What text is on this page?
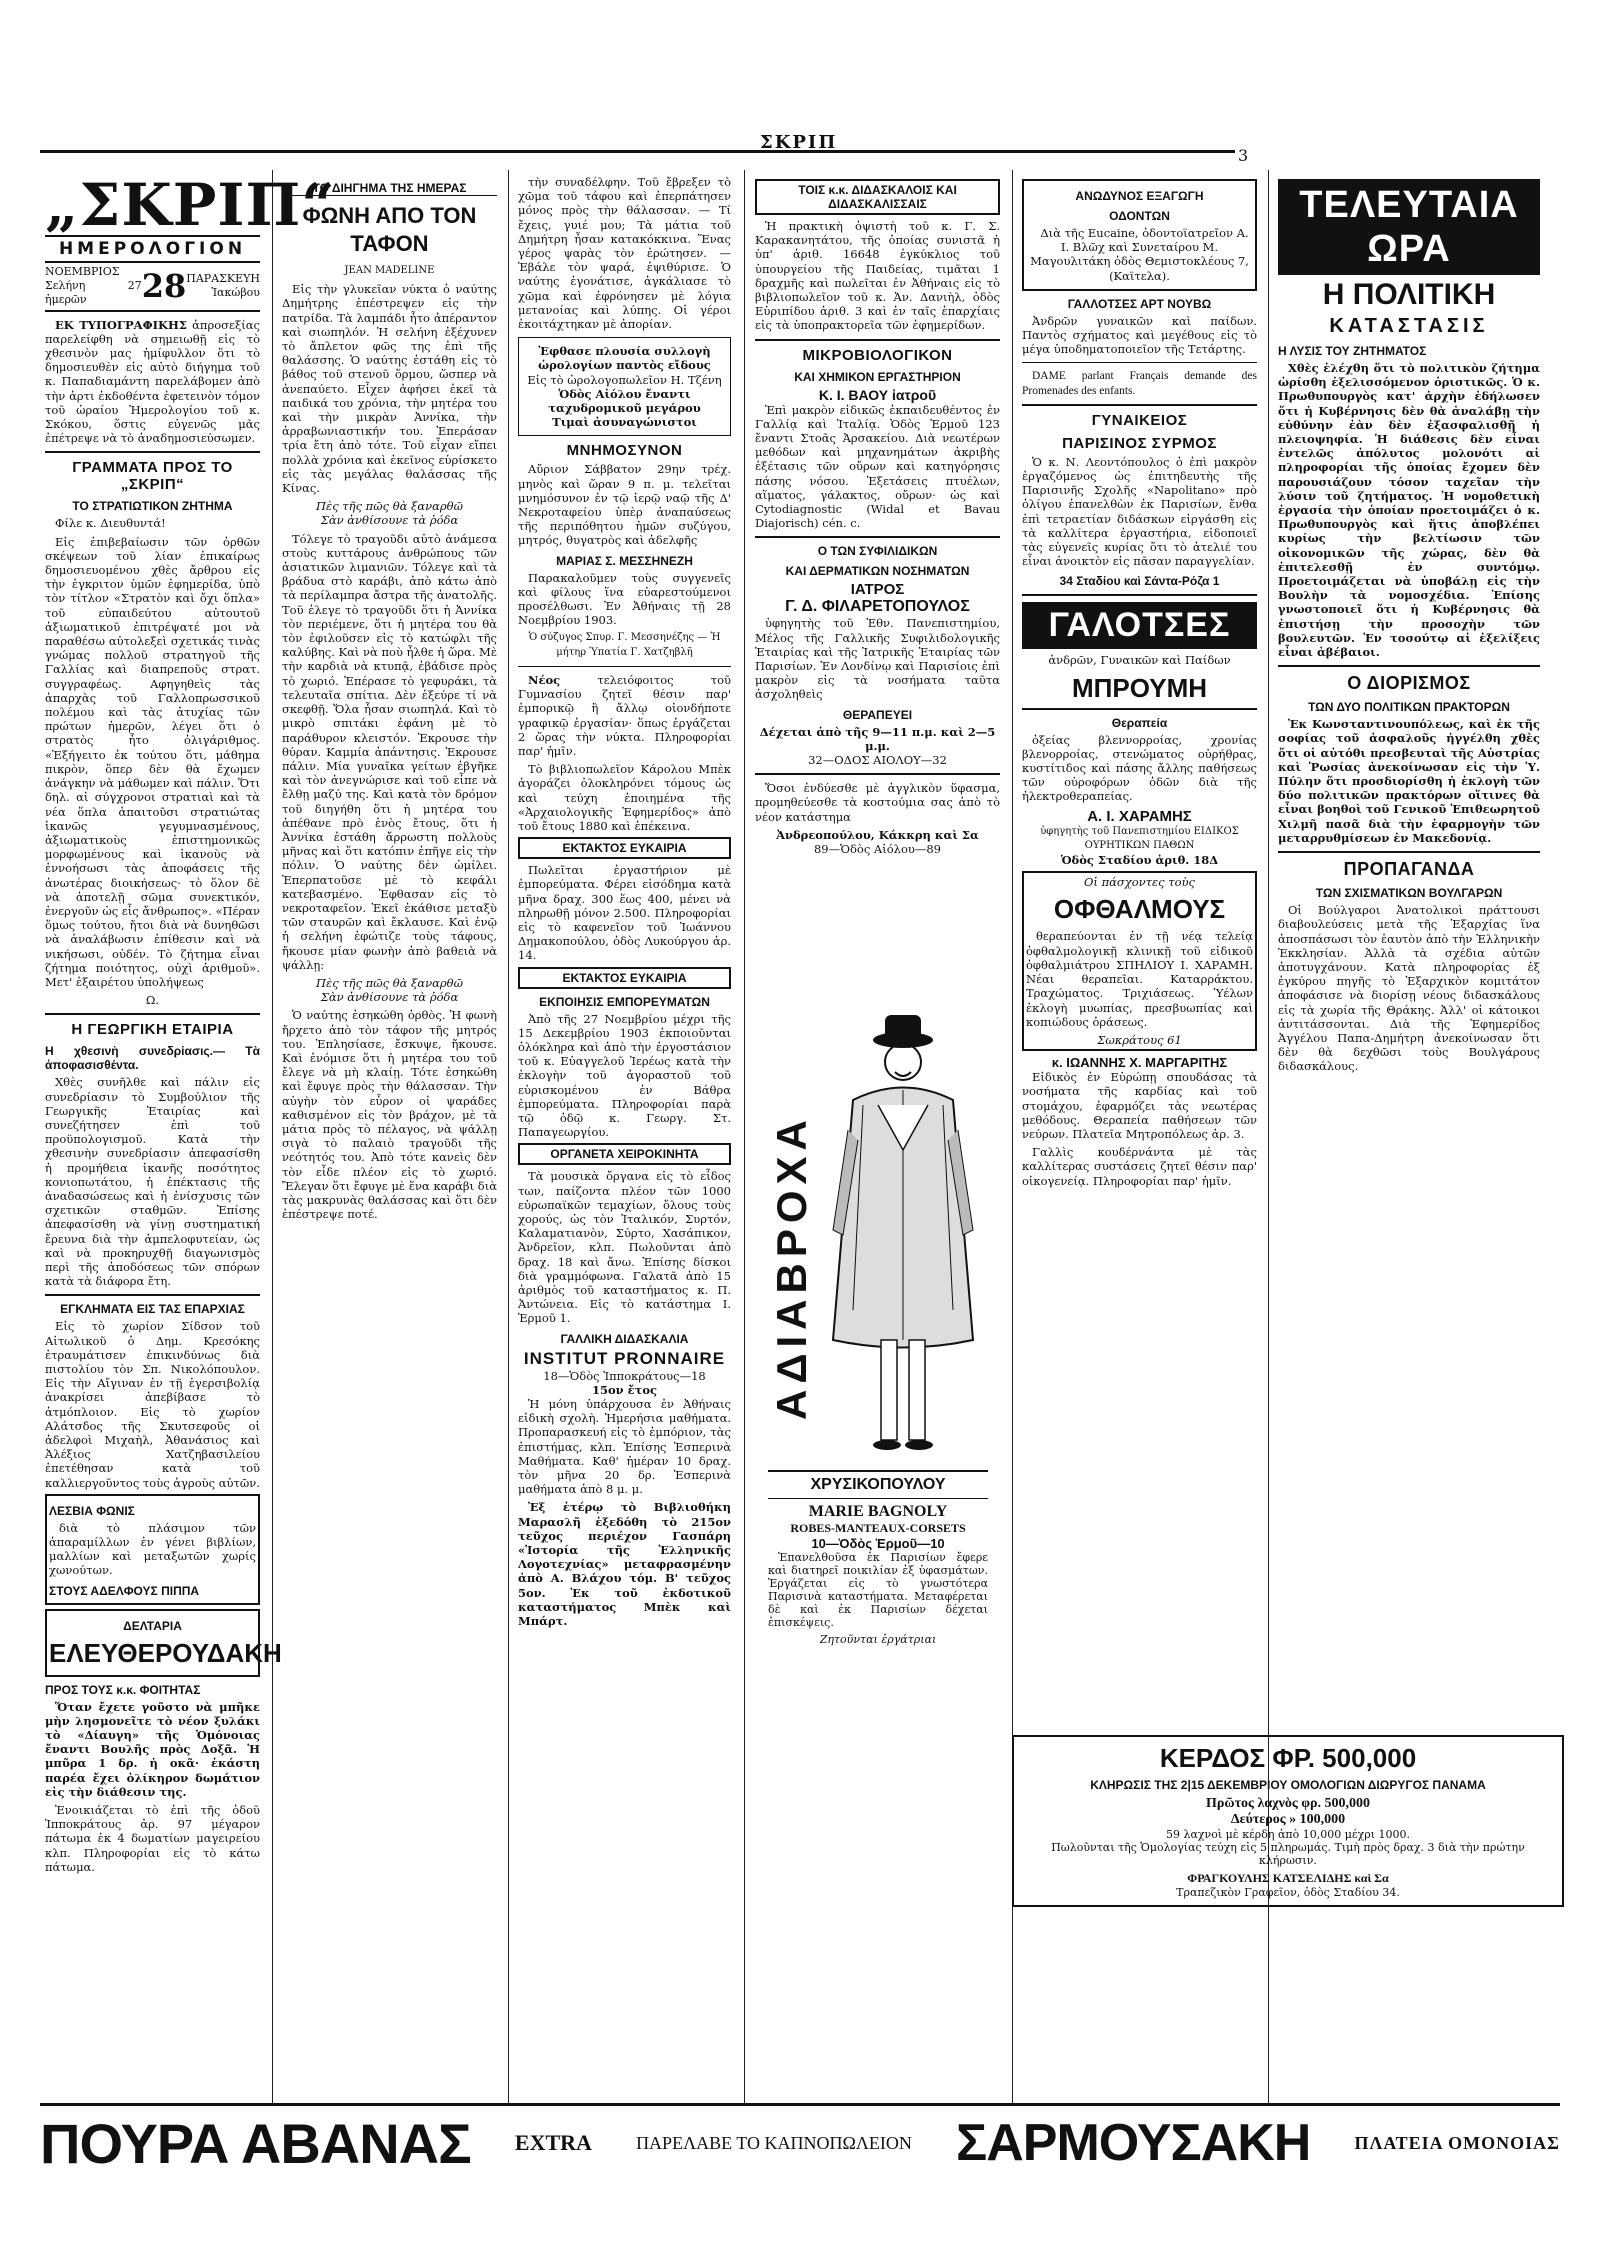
ΣΚΡΙΠ
3
„ΣΚΡΙΠ“
ΗΜΕΡΟΛΟΓΙΟΝ
ΝΟΕΜΒΡΙΟΣ
Σελήνη 27 ἡμερῶν	28 ΠΑΡΑΣΚΕΥΗ
Ἰακώβου

ΕΚ ΤΥΠΟΓΡΑΦΙΚΗΣ ἀπροσεξίας παρελείφθη νὰ σημειωθῇ εἰς τὸ χθεσινὸν μας ἡμίφυλλον ὅτι τὸ δημοσιευθὲν εἰς αὐτὸ διήγημα τοῦ κ. Παπαδιαμάντη παρελάβομεν ἀπὸ τὴν ἀρτι ἐκδοθέντα ἐφετεινὸν τόμον τοῦ ὡραίου Ἡμερολογίου τοῦ κ. Σκόκου, ὅστις εὐγενῶς μᾶς ἐπέτρεψε νὰ τὸ ἀναδημοσιεύσωμεν.

ΓΡΑΜΜΑΤΑ ΠΡΟΣ ΤΟ „ΣΚΡΙΠ“
ΤΟ ΣΤΡΑΤΙΩΤΙΚΟΝ ΖΗΤΗΜΑ

Φίλε κ. Διευθυντά!

Εἰς ἐπιβεβαίωσιν τῶν ὀρθῶν σκέψεων τοῦ λίαν ἐπικαίρως δημοσιευομένου χθὲς ἄρθρου εἰς τὴν ἐγκριτον ὑμῶν ἐφημερίδα, ὑπὸ τὸν τίτλον «Στρατὸν καὶ ὄχι ὅπλα» τοῦ εὐπαιδεύτου αὐτουτοῦ ἀξιωματικοῦ ἐπιτρέψατέ μοι νὰ παραθέσω αὐτολεξεὶ σχετικάς τινὰς γνώμας πολλοῦ στρατηγοῦ τῆς Γαλλίας καὶ διαπρεποῦς στρατ. συγγραφέως. Αφηγηθεὶς τὰς ἀπαρχὰς τοῦ Γαλλοπρωσσικοῦ πολέμου καὶ τὰς ἀτυχίας τῶν πρώτων ἡμερῶν, λέγει ὅτι ὁ στρατὸς ἦτο ὀλιγάριθμος. «Ἐξήγειτο ἐκ τούτου ὅτι, μάθημα πικρὸν, ὅπερ δὲν θὰ ἔχωμεν ἀνάγκην νὰ μάθωμεν καὶ πάλιν. Ὅτι δηλ. αἱ σύγχρονοι στρατιαὶ καὶ τὰ νέα ὅπλα ἀπαιτοῦσι στρατιώτας ἱκανῶς γεγυμνασμένους, ἀξιωματικοὺς ἐπιστημονικῶς μορφωμένους καὶ ἱκανοὺς νὰ ἐννοήσωσι τὰς ἀποφάσεις τῆς ἀνωτέρας διοικήσεως· τὸ ὅλον δὲ νὰ ἀποτελῇ σῶμα συνεκτικόν, ἐνεργοῦν ὡς εἷς ἄνθρωπος». «Πέραν ὅμως τούτου, ἤτοι διὰ νὰ δυνηθῶσι νὰ ἀναλάβωσιν ἐπίθεσιν καὶ νὰ νικήσωσι, οὐδέν. Τὸ ζήτημα εἶναι ζήτημα ποιότητος, οὐχὶ ἀριθμοῦ». Μετ' ἐξαιρέτου ὑπολήψεως

Ω.
Η ΓΕΩΡΓΙΚΗ ΕΤΑΙΡΙΑ
Η χθεσινὴ συνεδρίασις.— Τὰ ἀποφασισθέντα.

Χθὲς συνῆλθε καὶ πάλιν εἰς συνεδρίασιν τὸ Συμβούλιον τῆς Γεωργικῆς Ἑταιρίας καὶ συνεζήτησεν ἐπὶ τοῦ προϋπολογισμοῦ. Κατὰ τὴν χθεσινὴν συνεδρίασιν ἀπεφασίσθη ἡ προμήθεια ἱκανῆς ποσότητος κονιοπωτάτου, ἡ ἐπέκτασις τῆς ἀναδασώσεως καὶ ἡ ἐνίσχυσις τῶν σχετικῶν σταθμῶν. Ἐπίσης ἀπεφασίσθη νὰ γίνῃ συστηματική ἔρευνα διὰ τὴν ἀμπελοφυτείαν, ὡς καὶ νὰ προκηρυχθῇ διαγωνισμὸς περὶ τῆς ἀποδόσεως τῶν σπόρων κατὰ τὰ διάφορα ἔτη.

ΕΓΚΛΗΜΑΤΑ ΕΙΣ ΤΑΣ ΕΠΑΡΧΙΑΣ

Εἰς τὸ χωρίον Σίδσον τοῦ Αἰτωλικοῦ ὁ Δημ. Κρεσόκης ἐτραυμάτισεν ἐπικινδύνως διὰ πιστολίου τὸν Σπ. Νικολόπουλον. Εἰς τὴν Αἴγιναν ἐν τῇ ἐγερσιβολίᾳ ἀνακρίσει ἀπεβίβασε τὸ ἀτμόπλοιον. Εἰς τὸ χωρίον Αλάτσδος τῆς Σκυτσεφοῦς οἱ ἀδελφοὶ Μιχαὴλ, Ἀθανάσιος καὶ Ἀλέξιος Χατζηβασιλείου ἐπετέθησαν κατὰ τοῦ καλλιεργοῦντος τοὺς ἀγροὺς αὐτῶν.

ΛΕΣΒΙΑ ΦΩΝΙΣ

διὰ τὸ πλάσιμον τῶν ἀπαραμίλλων ἐν γένει βιβλίων, μαλλίων καὶ μεταξωτῶν χωρίς χωνούτων.

ΣΤΟΥΣ ΑΔΕΛΦΟΥΣ ΠΙΠΠΑ
ΔΕΛΤΑΡΙΑ
ΕΛΕΥΘΕΡΟΥΔΑΚΗ
ΠΡΟΣ ΤΟΥΣ κ.κ. ΦΟΙΤΗΤΑΣ

Ὅταν ἔχετε γοῦστο νὰ μπῆκε μὴν λησμονεῖτε τὸ νέον ξυλάκι τὸ «Δίαυγη» τῆς Ὁμόνοιας ἔναντι Βουλῆς πρὸς Δοξᾶ. Ἡ μπῦρα 1 δρ. ἡ οκᾶ· ἑκάστη παρέα ἔχει ὀλίκηρον δωμάτιον εἰς τὴν διάθεσιν της.

Ἐνοικιάζεται τὸ ἐπὶ τῆς ὁδοῦ Ἱπποκράτους ἀρ. 97 μέγαρον πάτωμα ἐκ 4 δωματίων μαγειρείου κλπ. Πληροφορίαι εἰς τὸ κάτω πάτωμα.

ΤΟ ΔΙΗΓΗΜΑ ΤΗΣ ΗΜΕΡΑΣ
ΦΩΝΗ ΑΠΟ ΤΟΝ ΤΑΦΟΝ
JEAN MADELINE

Εἰς τὴν γλυκεῖαν νύκτα ὁ ναύτης Δημήτρης ἐπέστρεψεν εἰς τὴν πατρίδα. Τὰ λαμπάδι ἦτο ἀπέραντον καὶ σιωπηλόν. Ἡ σελήνη ἐξέχυνεν τὸ ἄπλετον φῶς της ἐπὶ τῆς θαλάσσης. Ὁ ναύτης ἐστάθη εἰς τὸ βάθος τοῦ στενοῦ ὅρμου, ὥσπερ νὰ ἀνεπαύετο. Εἶχεν ἀφήσει ἐκεῖ τὰ παιδικά του χρόνια, τὴν μητέρα του καὶ τὴν μικρὰν Ἀννίκα, τὴν ἀρραβωνιαστικήν του. Ἐπεράσαν τρία ἔτη ἀπὸ τότε. Τοῦ εἶχαν εἴπει πολλὰ χρόνια καὶ ἐκεῖνος εὑρίσκετο εἰς τὰς μεγάλας θαλάσσας τῆς Κίνας.

Πὲς τῆς πῶς θὰ ξαναρθῶ
Σὰν ἀνθίσουνε τὰ ῥόδα

Τόλεγε τὸ τραγοῦδι αὐτὸ ἀνάμεσα στοὺς κυττάρους ἀνθρώπους τῶν ἀσιατικῶν λιμανιῶν. Τόλεγε καὶ τὰ βράδυα στὸ καράβι, ἀπὸ κάτω ἀπὸ τὰ περίλαμπρα ἄστρα τῆς ἀνατολῆς. Τοῦ ἐλεγε τὸ τραγοῦδι ὅτι ἡ Ἀννίκα τὸν περιέμενε, ὅτι ἡ μητέρα του θὰ τὸν ἐφιλοῦσεν εἰς τὸ κατώφλι τῆς καλύβης. Καὶ νὰ ποὺ ἦλθε ἡ ὥρα. Μὲ τὴν καρδιὰ νὰ κτυπᾷ, ἐβάδισε πρὸς τὸ χωριό. Ἐπέρασε τὸ γεφυράκι, τὰ τελευταῖα σπίτια. Δὲν ἐξεύρε τί νὰ σκεφθῇ. Ὅλα ἦσαν σιωπηλά. Καὶ τὸ μικρὸ σπιτάκι ἐφάνη μὲ τὸ παράθυρον κλειστόν. Ἐκρουσε τὴν θύραν. Καμμία ἀπάντησις. Ἐκρουσε πάλιν. Μία γυναῖκα γείτων ἐβγῆκε καὶ τὸν ἀνεγνώρισε καὶ τοῦ εἶπε νὰ ἔλθῃ μαζύ της. Καὶ κατὰ τὸν δρόμον τοῦ διηγήθη ὅτι ἡ μητέρα του ἀπέθανε πρὸ ἑνὸς ἔτους, ὅτι ἡ Ἀννίκα ἐστάθη ἄρρωστη πολλοὺς μῆνας καὶ ὅτι κατόπιν ἐπῆγε εἰς τὴν πόλιν. Ὁ ναύτης δὲν ὡμίλει. Ἐπερπατοῦσε μὲ τὸ κεφάλι κατεβασμένο. Ἐφθασαν εἰς τὸ νεκροταφεῖον. Ἐκεῖ ἐκάθισε μεταξὺ τῶν σταυρῶν καὶ ἔκλαυσε. Καὶ ἐνῷ ἡ σελήνη ἐφώτιζε τοὺς τάφους, ἤκουσε μίαν φωνὴν ἀπὸ βαθειὰ νὰ ψάλλῃ:

Πὲς τῆς πῶς θὰ ξαναρθῶ
Σὰν ἀνθίσουνε τὰ ῥόδα

Ὁ ναύτης ἐσηκώθη ὀρθὸς. Ἡ φωνὴ ἤρχετο ἀπὸ τὸν τάφον τῆς μητρός του. Ἐπλησίασε, ἔσκυψε, ἤκουσε. Καὶ ἐνόμισε ὅτι ἡ μητέρα του τοῦ ἔλεγε νὰ μὴ κλαίῃ. Τότε ἐσηκώθη καὶ ἔφυγε πρὸς τὴν θάλασσαν. Τὴν αὐγὴν τὸν εὗρον οἱ ψαράδες καθισμένον εἰς τὸν βράχον, μὲ τὰ μάτια πρὸς τὸ πέλαγος, νὰ ψάλλῃ σιγὰ τὸ παλαιὸ τραγοῦδι τῆς νεότητός του. Ἀπὸ τότε κανεὶς δὲν τὸν εἶδε πλέον εἰς τὸ χωριό. Ἔλεγαν ὅτι ἔφυγε μὲ ἕνα καράβι διὰ τὰς μακρυνὰς θαλάσσας καὶ ὅτι δὲν ἐπέστρεψε ποτέ.

τὴν συναδέλφην. Τοῦ ἔβρεξεν τὸ χῶμα τοῦ τάφου καὶ ἐπερπάτησεν μόνος πρὸς τὴν θάλασσαν. — Τί ἔχεις, γυιέ μου; Τὰ μάτια τοῦ Δημήτρη ἦσαν κατακόκκινα. Ἕνας γέρος ψαρὰς τὸν ἐρώτησεν. — Ἐβάλε τὸν ψαρά, ἐψιθύρισε. Ὁ ναύτης ἐγονάτισε, ἀγκάλιασε τὸ χῶμα καὶ ἐφρόνησεν μὲ λόγια μετανοίας καὶ λύπης. Οἱ γέροι ἐκοιτάχτηκαν μὲ ἀπορίαν.

Ἐφθασε πλουσία συλλογὴ ὡρολογίων παντὸς εἴδους
Εἰς τὸ ὡρολογοπωλεῖον Η. Τζένη
Ὁδὸς Αἰόλου ἔναντι ταχυδρομικοῦ μεγάρου
Τιμαὶ ἀσυναγώνιστοι
ΜΝΗΜΟΣΥΝΟΝ

Αὔριον Σάββατον 29ην τρέχ. μηνὸς καὶ ὥραν 9 π. μ. τελεῖται μνημόσυνον ἐν τῷ ἱερῷ ναῷ τῆς Δ' Νεκροταφείου ὑπὲρ ἀναπαύσεως τῆς περιπόθητου ἡμῶν συζύγου, μητρός, θυγατρὸς καὶ ἀδελφῆς

ΜΑΡΙΑΣ Σ. ΜΕΣΣΗΝΕΖΗ

Παρακαλοῦμεν τοὺς συγγενεῖς καὶ φίλους ἵνα εὐαρεστούμενοι προσέλθωσι. Ἐν Ἀθήναις τῇ 28 Νοεμβρίου 1903.

Ὁ σύζυγος Σπυρ. Γ. Μεσσηνέζης — Ἡ μήτηρ Ὑπατία Γ. Χατζηβλῆ

Νέος	τελειόφοιτος τοῦ Γυμνασίου ζητεῖ θέσιν παρ' ἐμπορικῷ ἢ ἄλλῳ οἰονδήποτε γραφικῷ ἐργασίαν· ὅπως ἐργάζεται 2 ὥρας τὴν νύκτα. Πληροφορίαι παρ' ἡμῖν.

Τὸ βιβλιοπωλεῖον Κάρολου Μπὲκ ἀγοράζει ὁλοκληρόνει τόμους ὡς καὶ τεύχη ἐποιημένα τῆς «Ἀρχαιολογικῆς Ἐφημερίδος» ἀπὸ τοῦ ἔτους 1880 καὶ ἐπέκεινα.

ΕΚΤΑΚΤΟΣ ΕΥΚΑΙΡΙΑ

Πωλεῖται ἐργαστήριον μὲ ἐμπορεύματα. Φέρει εἰσόδημα κατὰ μῆνα δραχ. 300 ἕως 400, μένει νὰ πληρωθῇ μόνον 2.500. Πληροφορίαι εἰς τὸ καφενεῖον τοῦ Ἰωάννου Δημακοπούλου, ὁδὸς Λυκούργου ἀρ. 14.

ΕΚΤΑΚΤΟΣ ΕΥΚΑΙΡΙΑ
ΕΚΠΟΙΗΣΙΣ ΕΜΠΟΡΕΥΜΑΤΩΝ

Ἀπὸ τῆς 27 Νοεμβρίου μέχρι τῆς 15 Δεκεμβρίου 1903 ἐκποιοῦνται ὁλόκληρα καὶ ἀπὸ τὴν ἐργοστάσιον τοῦ κ. Εὐαγγελοῦ Ἰερέως κατὰ τὴν ἐκλογὴν τοῦ ἀγοραστοῦ τοῦ εὑρισκομένου ἐν Βάθρα ἐμπορεύματα. Πληροφορίαι παρὰ τῷ ὁδῷ κ. Γεωργ. Στ. Παπαγεωργίου.

ΟΡΓΑΝΕΤΑ ΧΕΙΡΟΚΙΝΗΤΑ

Τὰ μουσικὰ ὄργανα εἰς τὸ εἶδος των, παίζοντα πλέον τῶν 1000 εὐρωπαϊκῶν τεμαχίων, ὅλους τοὺς χορούς, ὡς τὸν Ἰταλικόν, Συρτόν, Καλαματιανὸν, Σύρτο, Χασάπικον, Ἀνδρεῖον, κλπ. Πωλοῦνται ἀπὸ δραχ. 18 καὶ ἄνω. Ἐπίσης δίσκοι διὰ γραμμόφωνα. Γαλατᾶ ἀπὸ 15 ἀριθμὸς τοῦ καταστήματος κ. Π. Ἀντώνεια. Εἰς τὸ κατάστημα Ι. Ἑρμοῦ 1.

ΓΑΛΛΙΚΗ ΔΙΔΑΣΚΑΛΙΑ
INSTITUT PRONNAIRE
18—Ὁδὸς Ἱπποκράτους—18
15ον ἔτος

Ἡ μόνη ὑπάρχουσα ἐν Ἀθήναις εἰδικὴ σχολὴ. Ἡμερήσια μαθήματα. Προπαρασκευή εἰς τὸ ἐμπόριον, τὰς ἐπιστήμας, κλπ. Ἐπίσης Ἑσπερινὰ Μαθήματα. Καθ' ἡμέραν 10 δραχ. τὸν μῆνα 20 δρ. Ἑσπερινὰ μαθήματα ἀπὸ 8 μ. μ.

Ἐξ ἑτέρῳ τὸ Βιβλιοθήκη Μαρασλῆ ἐξεδόθη τὸ 215ον τεῦχος περιέχον Γασπάρη «Ἱστορία τῆς Ἑλληνικῆς Λογοτεχνίας» μεταφρασμένην ἀπὸ Α. Βλάχου τόμ. Β' τεῦχος 5ον. Ἐκ τοῦ ἐκδοτικοῦ καταστήματος Μπὲκ καὶ Μπάρτ.

ΤΟΙΣ κ.κ. ΔΙΔΑΣΚΑΛΟΙΣ ΚΑΙ ΔΙΔΑΣΚΑΛΙΣΣΑΙΣ

Ἡ πρακτικὴ ὀψιστὴ τοῦ κ. Γ. Σ. Καρακανητάτου, τῆς ὁποίας συνιστᾶ ἡ ὑπ' ἀριθ. 16648 ἐγκύκλιος τοῦ ὑπουργείου τῆς Παιδείας, τιμᾶται 1 δραχμῆς καὶ πωλεῖται ἐν Ἀθήναις εἰς τὸ βιβλιοπωλεῖον τοῦ κ. Ἀν. Δανιὴλ, ὁδὸς Εὐριπίδου ἀριθ. 3 καὶ ἐν ταῖς ἐπαρχίαις εἰς τὰ ὑποπρακτορεῖα τῶν ἐφημερίδων.

ΜΙΚΡΟΒΙΟΛΟΓΙΚΟΝ
ΚΑΙ ΧΗΜΙΚΟΝ ΕΡΓΑΣΤΗΡΙΟΝ
Κ. Ι. ΒΑΟΥ ἰατροῦ

Ἐπὶ μακρὸν εἰδικῶς ἐκπαιδευθέντος ἐν Γαλλίᾳ καὶ Ἰταλίᾳ. Ὁδὸς Ἑρμοῦ 123 ἔναντι Στοᾶς Ἀρσακείου. Διὰ νεωτέρων μεθόδων καὶ μηχανημάτων ἀκριβὴς ἐξέτασις τῶν οὔρων καὶ κατηγόρησις πάσης νόσου. Ἐξετάσεις πτυέλων, αἵματος, γάλακτος, οὔρων· ὡς καὶ Cytodiagnostic (Widal et Bavau Diajorisch) cén. c.

Ο ΤΩΝ ΣΥΦΙΛΙΔΙΚΩΝ
ΚΑΙ ΔΕΡΜΑΤΙΚΩΝ ΝΟΣΗΜΑΤΩΝ
ΙΑΤΡΟΣ
Γ. Δ. ΦΙΛΑΡΕΤΟΠΟΥΛΟΣ

ὑφηγητὴς τοῦ Ἐθν. Πανεπιστημίου, Μέλος τῆς Γαλλικῆς Συφιλιδολογικῆς Ἑταιρίας καὶ τῆς Ἰατρικῆς Ἑταιρίας τῶν Παρισίων. Ἐν Λονδίνῳ καὶ Παρισίοις ἐπὶ μακρὸν εἰς τὰ νοσήματα ταῦτα ἀσχοληθεὶς

ΘΕΡΑΠΕΥΕΙ
Δέχεται ἀπὸ τῆς 9—11 π.μ. καὶ 2—5 μ.μ.
32—ΟΔΟΣ ΑΙΟΛΟΥ—32

Ὅσοι ἐνδύεσθε μὲ ἀγγλικὸν ὕφασμα, προμηθεύεσθε τὰ κοστούμια σας ἀπὸ τὸ νέον κατάστημα

Ἀνδρεοπούλου, Κάκκρη καὶ Σα
89—Ὁδὸς Αἰόλου—89
ΑΔΙΑΒΡΟΧΑ
ΧΡΥΣΙΚΟΠΟΥΛΟΥ
MARIE BAGNOLY
ROBES-MANTEAUX-CORSETS
10—Ὁδὸς Ἑρμοῦ—10

Ἐπανελθοῦσα ἐκ Παρισίων ἔφερε καὶ διατηρεῖ ποικιλίαν ἐξ ὑφασμάτων. Ἐργάζεται εἰς τὸ γνωστότερα Παρισινὰ καταστήματα. Μεταφέρεται δὲ καὶ ἐκ Παρισίων δέχεται ἐπισκέψεις.

Ζητοῦνται ἐργάτριαι
ΑΝΩΔΥΝΟΣ ΕΞΑΓΩΓΗ
ΟΔΟΝΤΩΝ

Διὰ τῆς Eucaine, ὀδοντοϊατρεῖον Α. Ι. Βλῶχ καὶ Συνεταίρου Μ. Μαγουλιτάκη ὁδὸς Θεμιστοκλέους 7, (Καϊτελα).

ΓΑΛΛΟΤΣΕΣ ΑΡΤ ΝΟΥΒΩ

Ἀνδρῶν γυναικῶν καὶ παίδων. Παντὸς σχήματος καὶ μεγέθους εἰς τὸ μέγα ὑποδηματοποιεῖον τῆς Τετάρτης.

DAME parlant Français demande des Promenades des enfants.

ΓΥΝΑΙΚΕΙΟΣ
ΠΑΡΙΣΙΝΟΣ ΣΥΡΜΟΣ

Ὁ κ. Ν. Λεοντόπουλος ὁ ἐπὶ μακρὸν ἐργαζόμενος ὡς ἐπιτηδευτὴς τῆς Παρισινῆς Σχολῆς «Napolitano» πρὸ ὀλίγου ἐπανελθὼν ἐκ Παρισίων, ἔνθα ἐπὶ τετραετίαν διδάσκων εἰργάσθη εἰς τὰ καλλίτερα ἐργαστήρια, εἰδοποιεῖ τὰς εὐγενεῖς κυρίας ὅτι τὸ ἀτελιέ του εἶναι ἀνοικτὸν εἰς πᾶσαν παραγγελίαν.

34 Σταδίου καὶ Σάντα-Ρόζα 1
ΓΑΛΟΤΣΕΣ
ἀνδρῶν, Γυναικῶν καὶ Παίδων
ΜΠΡΟΥΜΗ
Θεραπεία

ὀξείας βλεννορροίας, χρονίας βλενορροίας, στενώματος οὐρήθρας, κυστίτιδος καὶ πάσης ἄλλης παθήσεως τῶν οὐροφόρων ὁδῶν διὰ τῆς ἠλεκτροθεραπείας.

Α. Ι. ΧΑΡΑΜΗΣ
ὑφηγητὴς τοῦ Πανεπιστημίου ΕΙΔΙΚΟΣ ΟΥΡΗΤΙΚΩΝ ΠΑΘΩΝ
Ὁδὸς Σταδίου ἀριθ. 18Δ
Οἱ πάσχοντες τοὺς
ΟΦΘΑΛΜΟΥΣ

θεραπεύονται ἐν τῇ νέᾳ τελείᾳ ὀφθαλμολογικῇ κλινικῇ τοῦ εἰδικοῦ ὀφθαλμιάτρου ΣΠΗΛΙΟΥ Ι. ΧΑΡΑΜΗ. Νέαι θεραπεῖαι. Καταρράκτου. Τραχώματος. Τριχιάσεως. Ὑέλων ἐκλογὴ μυωπίας, πρεσβυωπίας καὶ κοπιώδους ὁράσεως.

Σωκράτους 61
κ. ΙΩΑΝΝΗΣ Χ. ΜΑΡΓΑΡΙΤΗΣ

Εἰδικὸς ἐν Εὐρώπῃ σπουδάσας τὰ νοσήματα τῆς καρδίας καὶ τοῦ στομάχου, ἐφαρμόζει τὰς νεωτέρας μεθόδους. Θεραπεία παθήσεων τῶν νεύρων. Πλατεῖα Μητροπόλεως ἀρ. 3.

Γαλλὶς κουδέρνάντα μὲ τὰς καλλίτερας συστάσεις ζητεῖ θέσιν παρ' οἰκογενείᾳ. Πληροφορίαι παρ' ἡμῖν.

ΤΕΛΕΥΤΑΙΑ ΩΡΑ
Η ΠΟΛΙΤΙΚΗ
ΚΑΤΑΣΤΑΣΙΣ
Η ΛΥΣΙΣ ΤΟΥ ΖΗΤΗΜΑΤΟΣ

Χθὲς ἐλέχθη ὅτι τὸ πολιτικὸν ζήτημα ὡρίσθη ἐξελισσόμενον ὁριστικῶς. Ὁ κ. Πρωθυπουργὸς κατ' ἀρχὴν ἐδήλωσεν ὅτι ἡ Κυβέρνησις δὲν θὰ ἀναλάβῃ τὴν εὐθύνην ἐὰν δὲν ἐξασφαλισθῇ ἡ πλειοψηφία. Ἡ διάθεσις δὲν εἶναι ἐντελῶς ἀπόλυτος μολονότι αἱ πληροφορίαι τῆς ὁποίας ἔχομεν δὲν παρουσιάζουν τόσον ταχεῖαν τὴν λύσιν τοῦ ζητήματος. Ἡ νομοθετικὴ ἐργασία τὴν ὁποίαν προετοιμάζει ὁ κ. Πρωθυπουργὸς καὶ ἥτις ἀποβλέπει κυρίως τὴν βελτίωσιν τῶν οἰκονομικῶν τῆς χώρας, δὲν θὰ ἐπιτελεσθῇ ἐν συντόμῳ. Προετοιμάζεται νὰ ὑποβάλῃ εἰς τὴν Βουλὴν τὰ νομοσχέδια. Ἐπίσης γνωστοποιεῖ ὅτι ἡ Κυβέρνησις θὰ ἐπιστήσῃ τὴν προσοχὴν τῶν βουλευτῶν. Ἐν τοσούτῳ αἱ ἐξελίξεις εἶναι ἀβέβαιοι.

Ο ΔΙΟΡΙΣΜΟΣ
ΤΩΝ ΔΥΟ ΠΟΛΙΤΙΚΩΝ ΠΡΑΚΤΟΡΩΝ

Ἐκ Κωνσταντινουπόλεως, καὶ ἐκ τῆς σοφίας τοῦ ἀσφαλοῦς ἠγγέλθη χθὲς ὅτι οἱ αὐτόθι πρεσβευταὶ τῆς Αὐστρίας καὶ Ῥωσίας ἀνεκοίνωσαν εἰς τὴν Ὑ. Πύλην ὅτι προσδιορίσθη ἡ ἐκλογὴ τῶν δύο πολιτικῶν πρακτόρων οἵτινες θὰ εἶναι βοηθοὶ τοῦ Γενικοῦ Ἐπιθεωρητοῦ Χιλμῆ πασᾶ διὰ τὴν ἐφαρμογὴν τῶν μεταρρυθμίσεων ἐν Μακεδονίᾳ.

ΠΡΟΠΑΓΑΝΔΑ
ΤΩΝ ΣΧΙΣΜΑΤΙΚΩΝ ΒΟΥΛΓΑΡΩΝ

Οἱ Βούλγαροι Ἀνατολικοὶ πράττουσι διαβουλεύσεις μετὰ τῆς Ἐξαρχίας ἵνα ἀποσπάσωσι τὸν ἑαυτὸν ἀπὸ τὴν Ἑλληνικὴν Ἐκκλησίαν. Ἀλλὰ τὰ σχέδια αὐτῶν ἀποτυγχάνουν. Κατὰ πληροφορίας ἐξ ἐγκύρου πηγῆς τὸ Ἐξαρχικὸν κομιτάτον ἀποφάσισε νὰ διορίσῃ νέους διδασκάλους εἰς τὰ χωρία τῆς Θράκης. Ἀλλ' οἱ κάτοικοι ἀντιτάσσονται. Διὰ τῆς Ἐφημερίδος Ἀγγέλου Παπα-Δημήτρη ἀνεκοίνωσαν ὅτι δὲν θὰ δεχθῶσι τοὺς Βουλγάρους διδασκάλους.

ΚΕΡΔΟΣ ΦΡ. 500,000
ΚΛΗΡΩΣΙΣ ΤΗΣ 2|15 ΔΕΚΕΜΒΡΙΟΥ ΟΜΟΛΟΓΙΩΝ ΔΙΩΡΥΓΟΣ ΠΑΝΑΜΑ
Πρῶτος λαχνὸς φρ. 500,000
Δεύτερος » 100,000
59 λαχνοὶ μὲ κέρδη ἀπὸ 10,000 μέχρι 1000.
Πωλοῦνται τῆς Ὁμολογίας τεύχη εἰς 5 πληρωμάς. Τιμὴ πρὸς δραχ. 3 διὰ τὴν πρώτην κλήρωσιν.
ΦΡΑΓΚΟΥΛΗΣ ΚΑΤΣΕΛΙΔΗΣ καὶ Σα
Τραπεζικὸν Γραφεῖον, ὁδὸς Σταδίου 34.
ΠΟΥΡΑ ΑΒΑΝΑΣ EXTRA ΠΑΡΕΛΑΒΕ ΤΟ ΚΑΠΝΟΠΩΛΕΙΟΝ ΣΑΡΜΟΥΣΑΚΗ ΠΛΑΤΕΙΑ ΟΜΟΝΟΙΑΣ
